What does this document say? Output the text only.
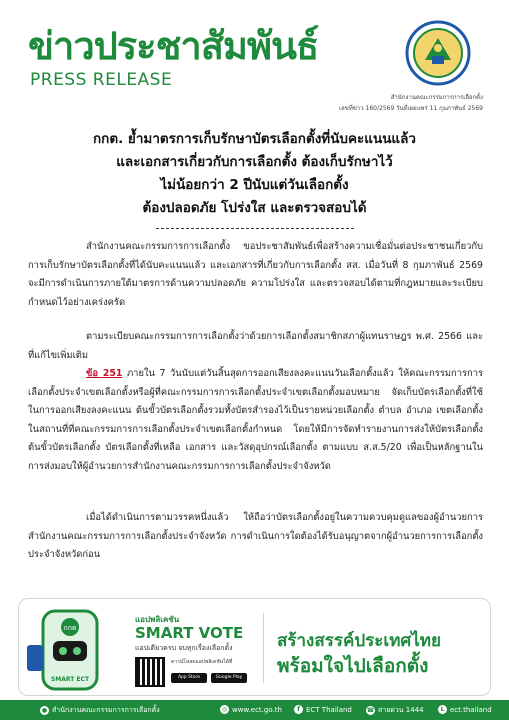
ข่าวประชาสัมพันธ์
PRESS RELEASE
สำนักงานคณะกรรมการการเลือกตั้ง
เลขที่ข่าว 160/2569 วันที่เผยแพร่ 11 กุมภาพันธ์ 2569
กกต. ย้ำมาตรการเก็บรักษาบัตรเลือกตั้งที่นับคะแนนแล้ว
และเอกสารเกี่ยวกับการเลือกตั้ง ต้องเก็บรักษาไว้
ไม่น้อยกว่า 2 ปีนับแต่วันเลือกตั้ง
ต้องปลอดภัย โปร่งใส และตรวจสอบได้
สำนักงานคณะกรรมการการเลือกตั้ง ขอประชาสัมพันธ์เพื่อสร้างความเชื่อมั่นต่อประชาชนเกี่ยวกับการเก็บรักษาบัตรเลือกตั้งที่ได้นับคะแนนแล้ว และเอกสารที่เกี่ยวกับการเลือกตั้ง สส. เมื่อวันที่ 8 กุมภาพันธ์ 2569 จะมีการดำเนินการภายใต้มาตรการด้านความปลอดภัย ความโปร่งใส และตรวจสอบได้ตามที่กฎหมายและระเบียบกำหนดไว้อย่างเคร่งครัด
ตามระเบียบคณะกรรมการการเลือกตั้งว่าด้วยการเลือกตั้งสมาชิกสภาผู้แทนราษฎร พ.ศ. 2566 และที่แก้ไขเพิ่มเติม
ข้อ 251 ภายใน 7 วันนับแต่วันสิ้นสุดการออกเสียงลงคะแนนวันเลือกตั้งแล้ว ให้คณะกรรมการการเลือกตั้งประจำเขตเลือกตั้งหรือผู้ที่คณะกรรมการการเลือกตั้งประจำเขตเลือกตั้งมอบหมาย จัดเก็บบัตรเลือกตั้งที่ใช้ในการออกเสียงลงคะแนน ต้นขั้วบัตรเลือกตั้งรวมทั้งบัตรสำรองไว้เป็นรายหน่วยเลือกตั้ง ตำบล อำเภอ เขตเลือกตั้ง ในสถานที่ที่คณะกรรมการการเลือกตั้งประจำเขตเลือกตั้งกำหนด โดยให้มีการจัดทำรายงานการส่งให้บัตรเลือกตั้ง ต้นขั้วบัตรเลือกตั้ง บัตรเลือกตั้งที่เหลือ เอกสาร และวัสดุอุปกรณ์เลือกตั้ง ตามแบบ ส.ส.5/20 เพื่อเป็นหลักฐานในการส่งมอบให้ผู้อำนวยการสำนักงานคณะกรรมการการเลือกตั้งประจำจังหวัด
เมื่อได้ดำเนินการตามวรรคหนึ่งแล้ว ให้ถือว่าบัตรเลือกตั้งอยู่ในความควบคุมดูแลของผู้อำนวยการสำนักงานคณะกรรมการการเลือกตั้งประจำจังหวัด การดำเนินการใดต้องได้รับอนุญาตจากผู้อำนวยการการเลือกตั้งประจำจังหวัดก่อน
กกต
SMART ECT
แอปพลิเคชัน
SMART VOTE
แอปเดียวครบ จบทุกเรื่องเลือกตั้ง
ดาวน์โหลดแอปพลิเคชันได้ที่
App Store	Google Play
สร้างสรรค์ประเทศไทย
พร้อมใจไปเลือกตั้ง
● สำนักงานคณะกรรมการการเลือกตั้ง	◎ www.ect.go.th	f ECT Thailand ☎ สายด่วน 1444	L ect.thailand
